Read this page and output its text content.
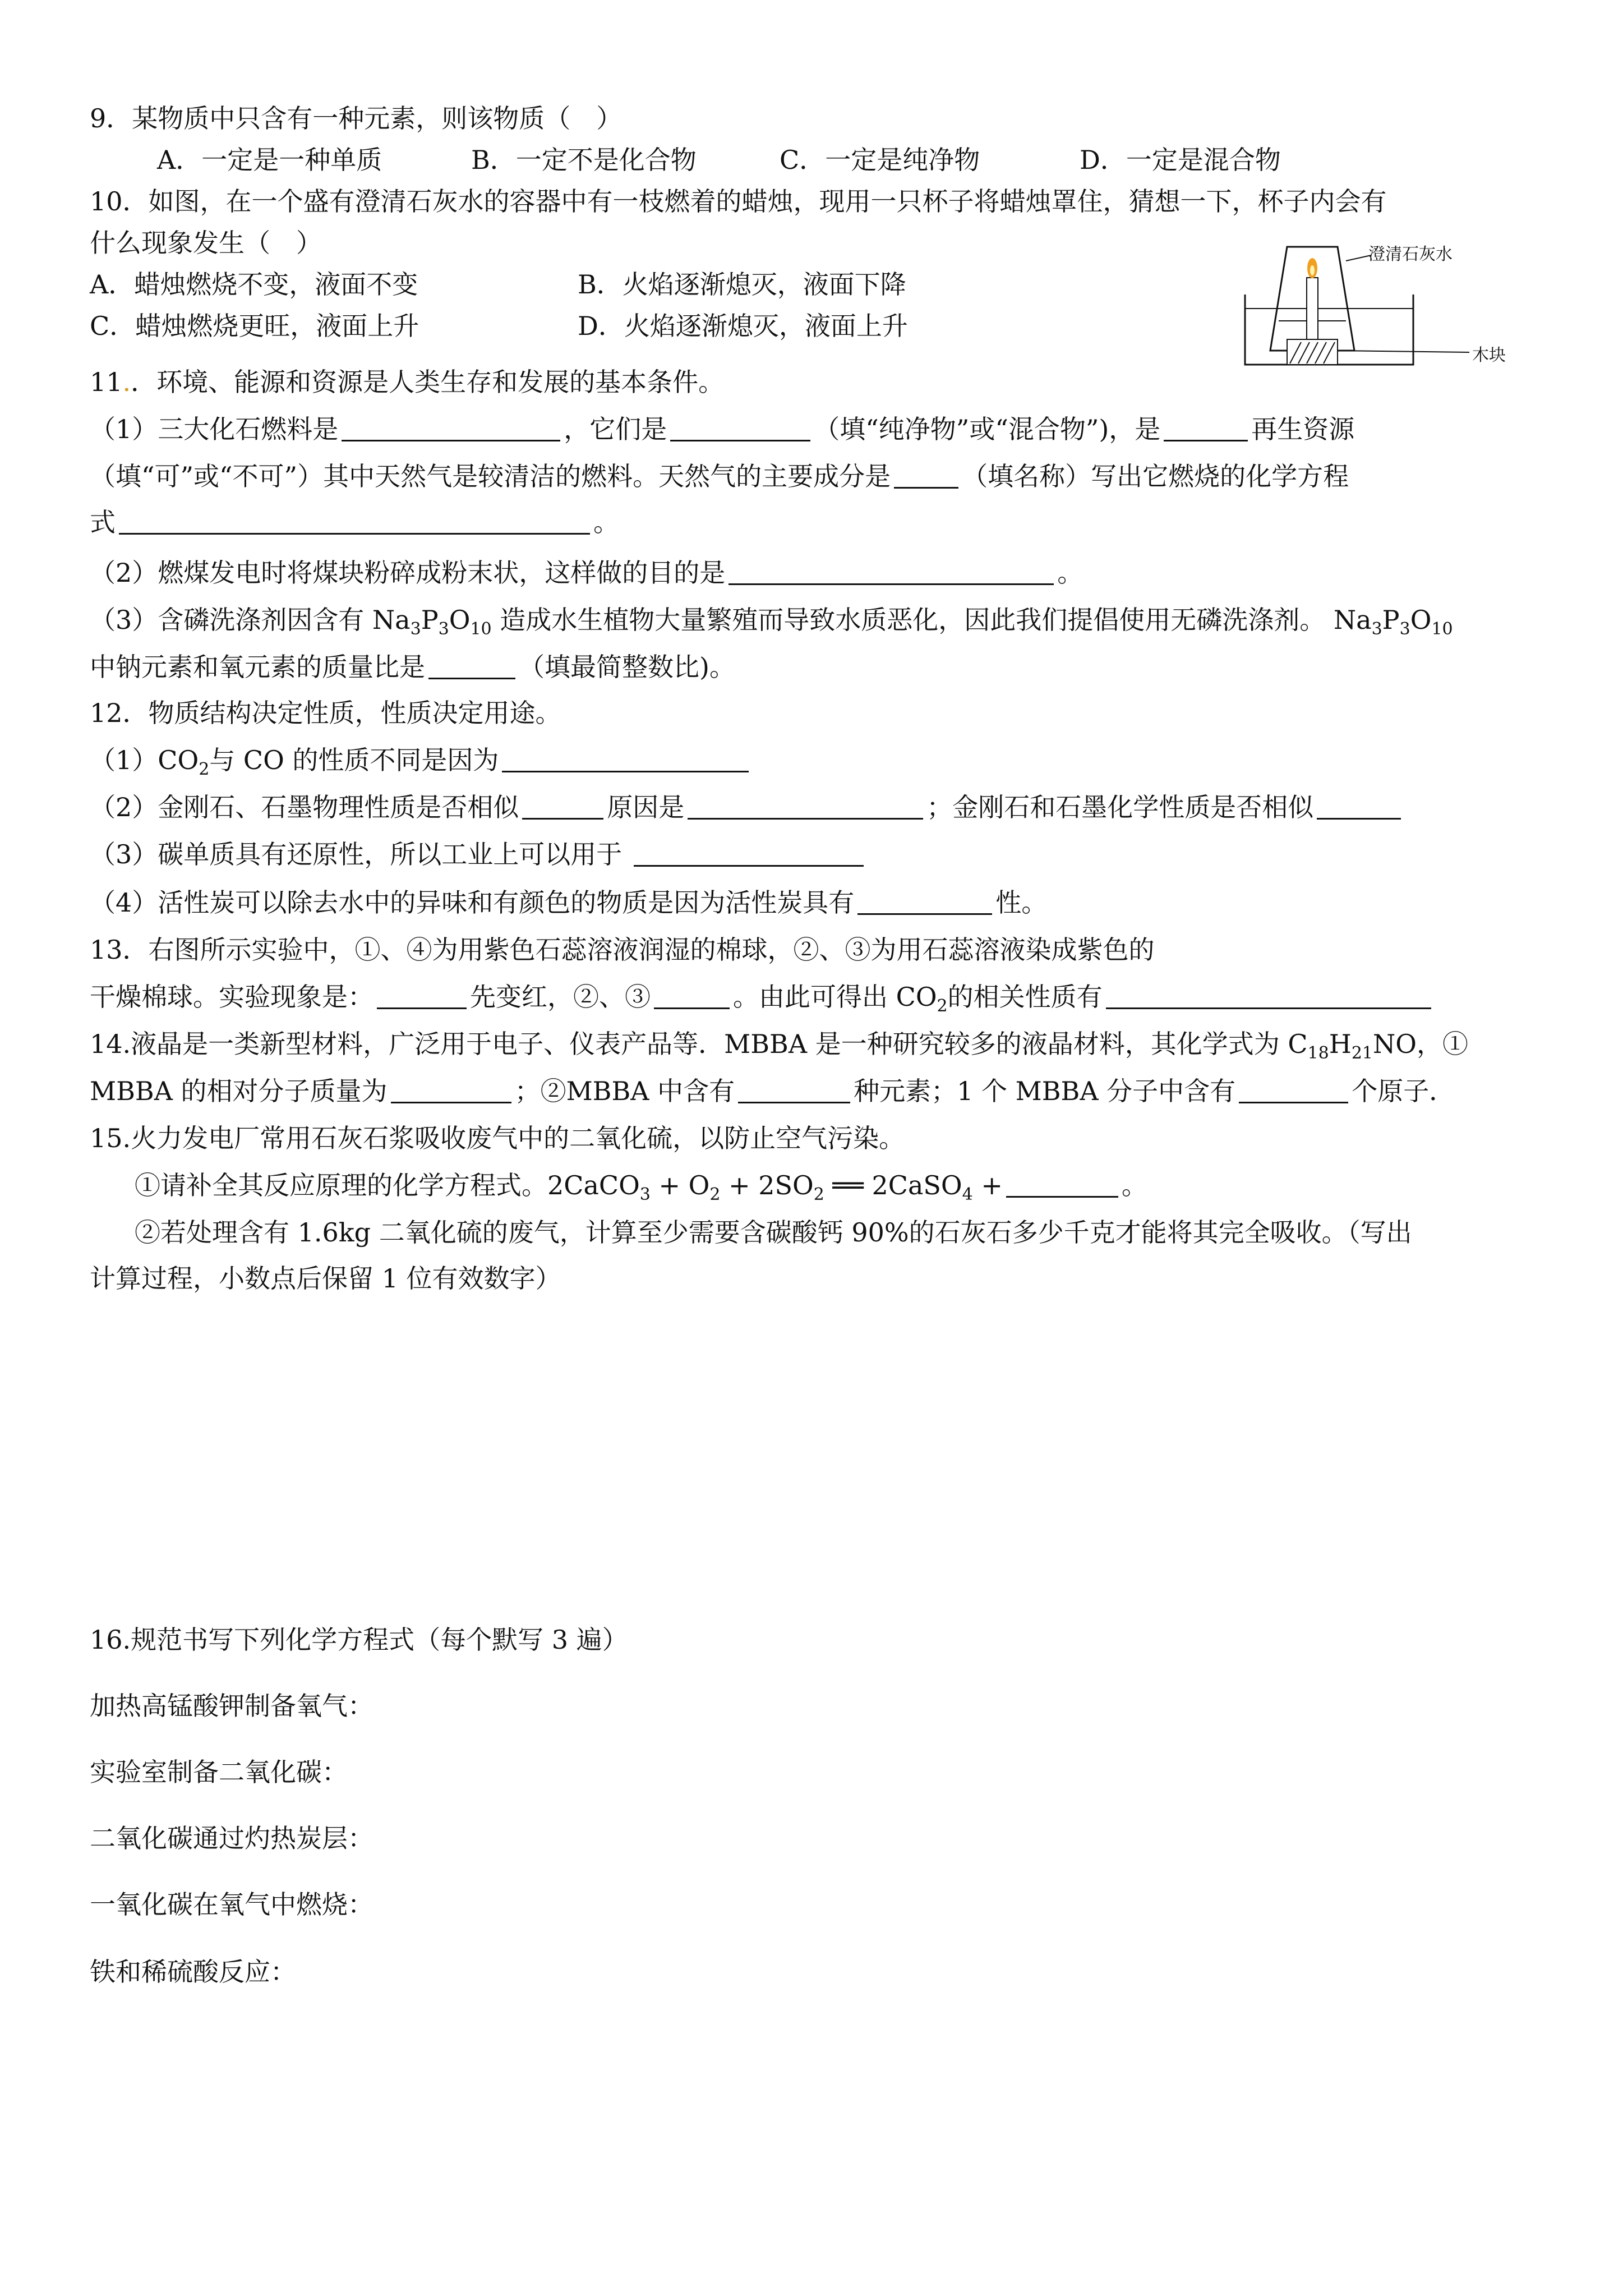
9．某物质中只含有一种元素，则该物质（　）
A．一定是一种单质	B．一定不是化合物	C．一定是纯净物	D．一定是混合物
10．如图，在一个盛有澄清石灰水的容器中有一枝燃着的蜡烛，现用一只杯子将蜡烛罩住，猜想一下，杯子内会有
什么现象发生（　）
A．蜡烛燃烧不变，液面不变	B．火焰逐渐熄灭，液面下降
C．蜡烛燃烧更旺，液面上升	D．火焰逐渐熄灭，液面上升
澄清石灰水
木块
11.．环境、能源和资源是人类生存和发展的基本条件。
（1）三大化石燃料是	，它们是	（填“纯净物”或“混合物”)，是	再生资源
（填“可”或“不可”）其中天然气是较清洁的燃料。天然气的主要成分是	（填名称）写出它燃烧的化学方程
式	。
（2）燃煤发电时将煤块粉碎成粉末状，这样做的目的是	。
（3）含磷洗涤剂因含有 $Na_3P_3O_{10}$ 造成水生植物大量繁殖而导致水质恶化，因此我们提倡使用无磷洗涤剂。 $Na_3P_3O_{10}$
中钠元素和氧元素的质量比是	（填最简整数比)。
12．物质结构决定性质，性质决定用途。
$(1)CO_2$与 CO 的性质不同是因为
（2）金刚石、石墨物理性质是否相似	原因是	；金刚石和石墨化学性质是否相似
（3）碳单质具有还原性，所以工业上可以用于
（4）活性炭可以除去水中的异味和有颜色的物质是因为活性炭具有	性。
13．右图所示实验中，①、④为用紫色石蕊溶液润湿的棉球，②、③为用石蕊溶液染成紫色的
干燥棉球。实验现象是：	先变红，②、③	。由此可得出 $CO_2$的相关性质有
14.液晶是一类新型材料，广泛用于电子、仪表产品等．MBBA 是一种研究较多的液晶材料，其化学式为 $C_{18}H_{21}NO$，①
MBBA 的相对分子质量为	；②MBBA 中含有	种元素；1 个 MBBA 分子中含有	个原子．
15.火力发电厂常用石灰石浆吸收废气中的二氧化硫，以防止空气污染。
①请补全其反应原理的化学方程式。2CaCO$_3$ + $O_2 + 2SO_2$ ══ 2CaSO$_4$ +	。
②若处理含有 1.6kg 二氧化硫的废气，计算至少需要含碳酸钙 90%的石灰石多少千克才能将其完全吸收。（写出
计算过程，小数点后保留 1 位有效数字）
16.规范书写下列化学方程式（每个默写 3 遍）
加热高锰酸钾制备氧气：
实验室制备二氧化碳：
二氧化碳通过灼热炭层：
一氧化碳在氧气中燃烧：
铁和稀硫酸反应：
